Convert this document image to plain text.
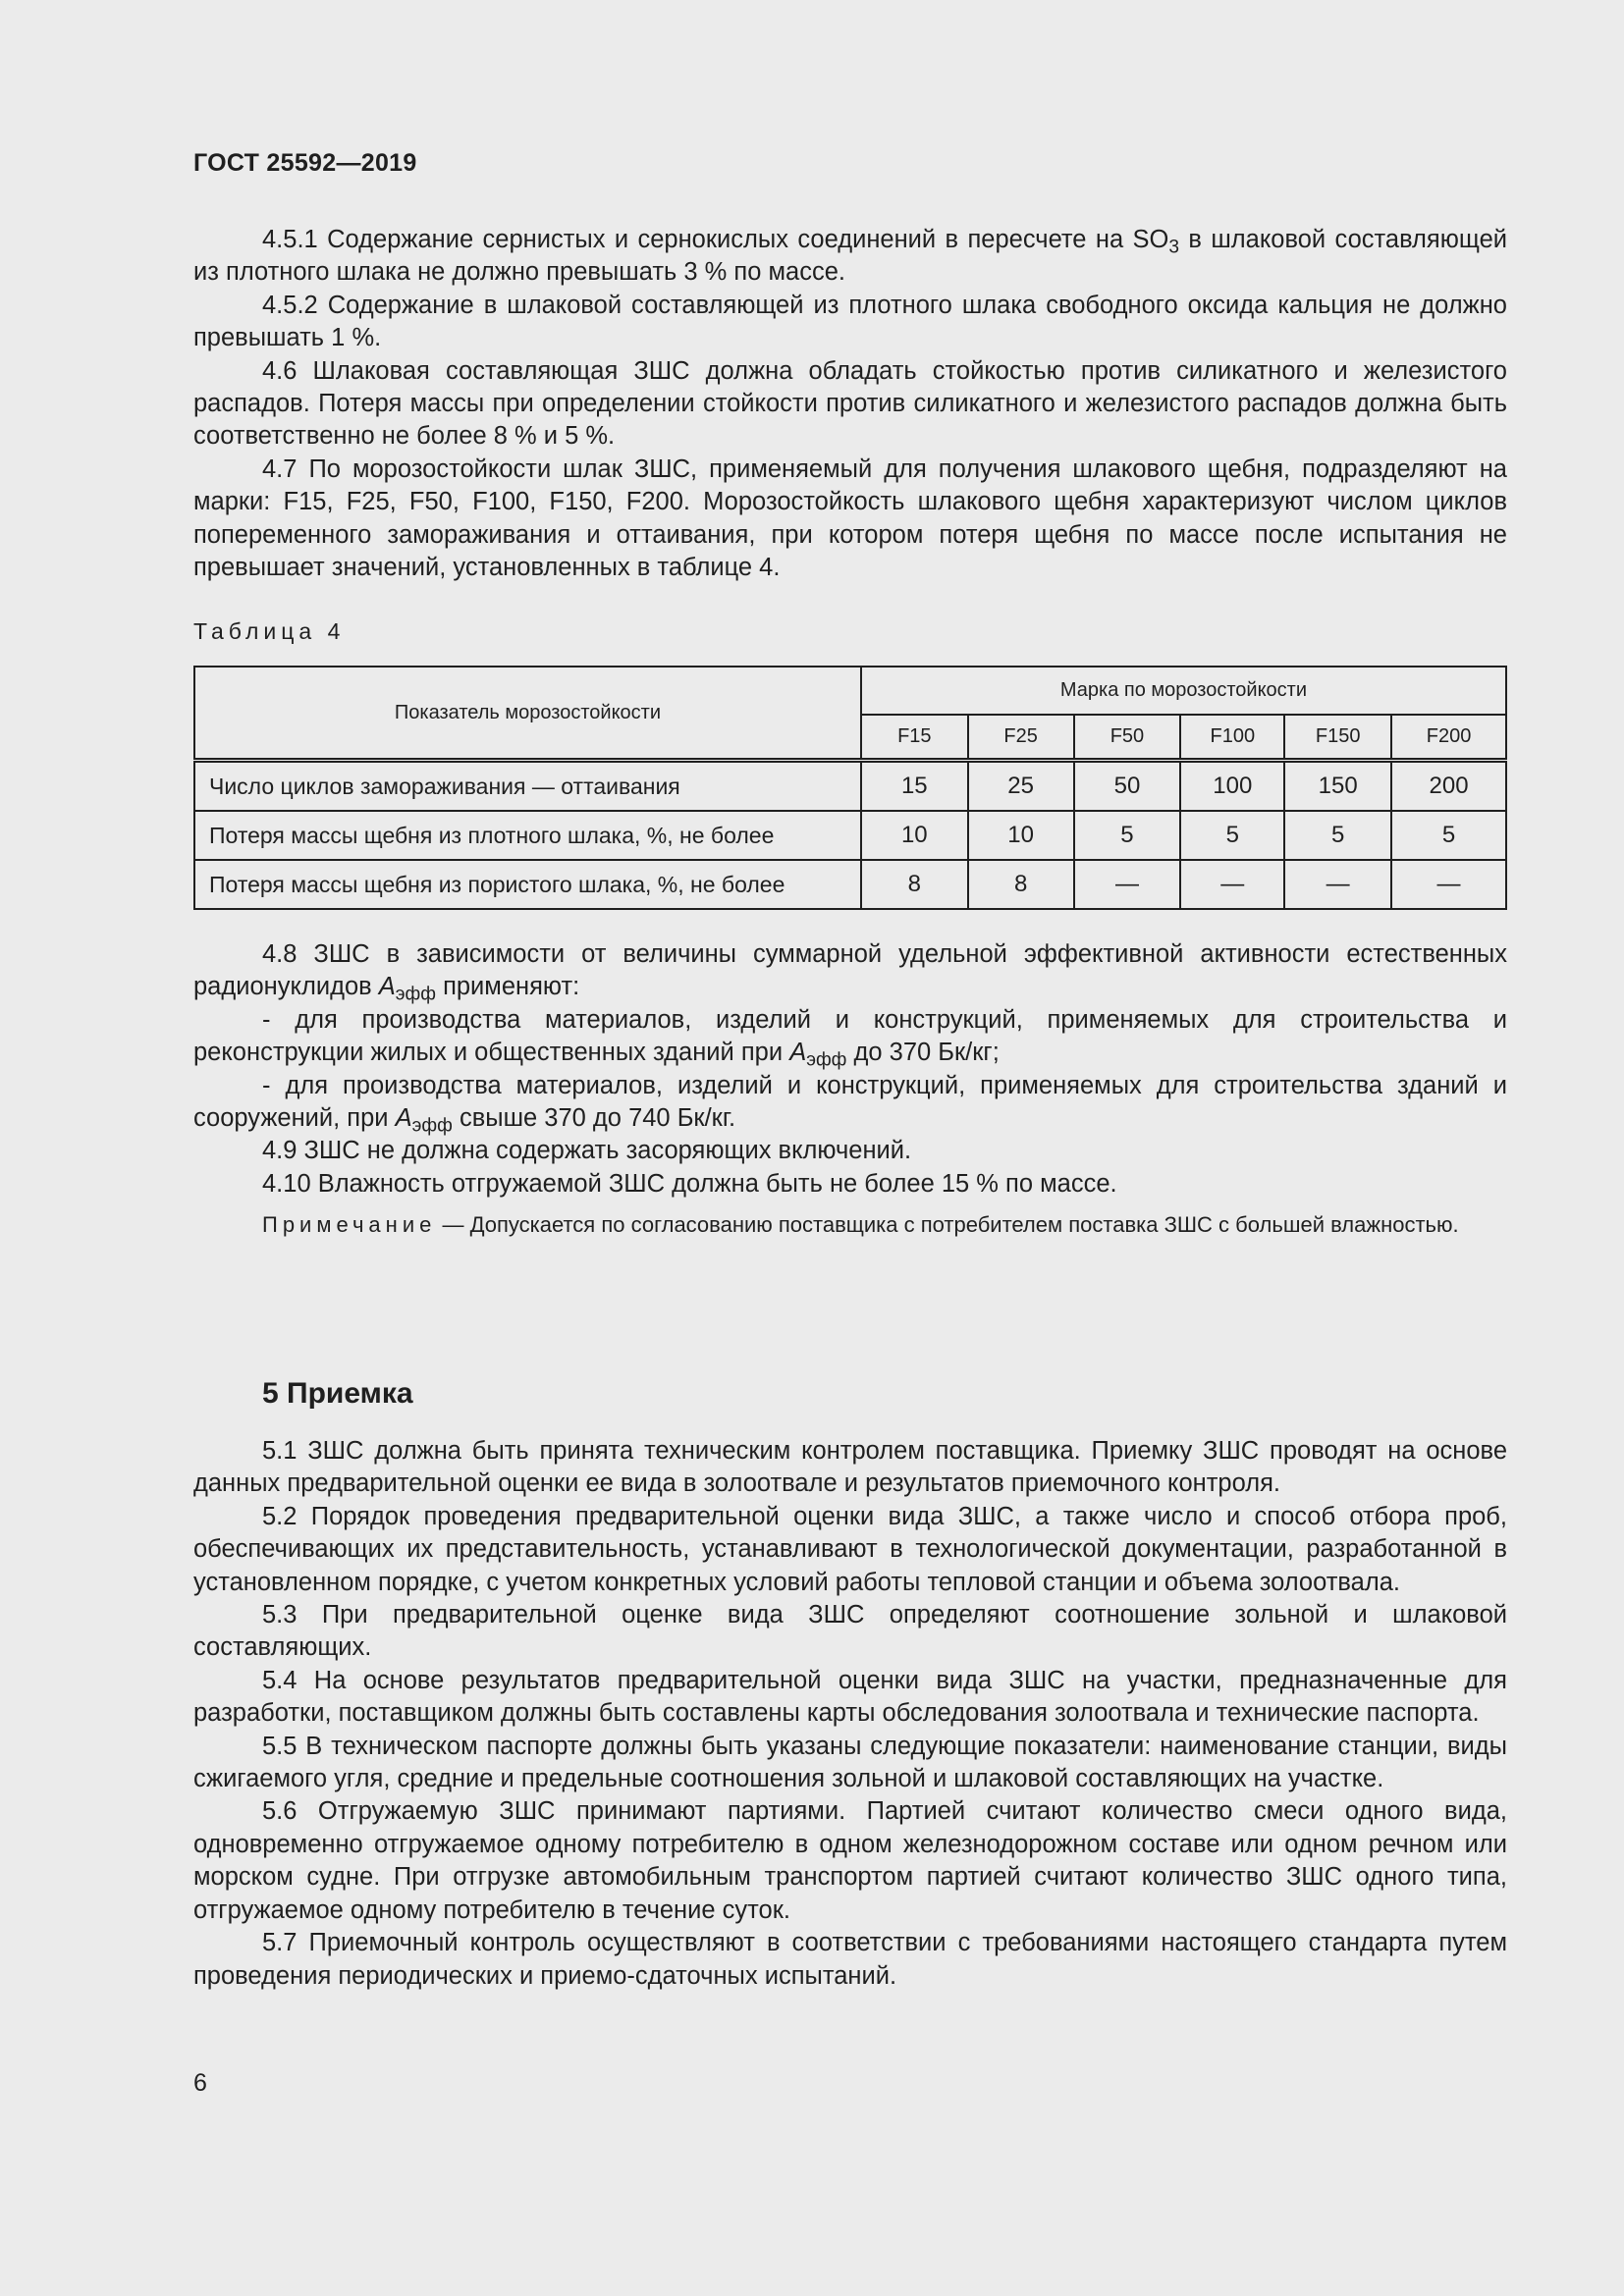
ГОСТ 25592—2019

4.5.1 Содержание сернистых и сернокислых соединений в пересчете на $SO_3$ в шлаковой составляющей из плотного шлака не должно превышать 3 % по массе.

4.5.2 Содержание в шлаковой составляющей из плотного шлака свободного оксида кальция не должно превышать 1 %.

4.6 Шлаковая составляющая ЗШС должна обладать стойкостью против силикатного и железистого распадов. Потеря массы при определении стойкости против силикатного и железистого распадов должна быть соответственно не более 8 % и 5 %.

4.7 По морозостойкости шлак ЗШС, применяемый для получения шлакового щебня, подразделяют на марки: F15, F25, F50, F100, F150, F200. Морозостойкость шлакового щебня характеризуют числом циклов попеременного замораживания и оттаивания, при котором потеря щебня по массе после испытания не превышает значений, установленных в таблице 4.

Таблица 4
Показатель морозостойкости	Марка по морозостойкости					
	F15	F25	F50	F100	F150	F200
Число циклов замораживания — оттаивания	15	25	50	100	150	200
Потеря массы щебня из плотного шлака, %, не более	10	10	5	5	5	5
Потеря массы щебня из пористого шлака, %, не более	8	8	—	—	—	—

4.8 ЗШС в зависимости от величины суммарной удельной эффективной активности естественных радионуклидов $A_{эфф}$ применяют:

- для производства материалов, изделий и конструкций, применяемых для строительства и реконструкции жилых и общественных зданий при $A_{эфф}$ до 370 Бк/кг;

- для производства материалов, изделий и конструкций, применяемых для строительства зданий и сооружений, при $A_{эфф}$ свыше 370 до 740 Бк/кг.

4.9 ЗШС не должна содержать засоряющих включений.

4.10 Влажность отгружаемой ЗШС должна быть не более 15 % по массе.

Примечание — Допускается по согласованию поставщика с потребителем поставка ЗШС с большей влажностью.
5 Приемка

5.1 ЗШС должна быть принята техническим контролем поставщика. Приемку ЗШС проводят на основе данных предварительной оценки ее вида в золоотвале и результатов приемочного контроля.

5.2 Порядок проведения предварительной оценки вида ЗШС, а также число и способ отбора проб, обеспечивающих их представительность, устанавливают в технологической документации, разработанной в установленном порядке, с учетом конкретных условий работы тепловой станции и объема золоотвала.

5.3 При предварительной оценке вида ЗШС определяют соотношение зольной и шлаковой составляющих.

5.4 На основе результатов предварительной оценки вида ЗШС на участки, предназначенные для разработки, поставщиком должны быть составлены карты обследования золоотвала и технические паспорта.

5.5 В техническом паспорте должны быть указаны следующие показатели: наименование станции, виды сжигаемого угля, средние и предельные соотношения зольной и шлаковой составляющих на участке.

5.6 Отгружаемую ЗШС принимают партиями. Партией считают количество смеси одного вида, одновременно отгружаемое одному потребителю в одном железнодорожном составе или одном речном или морском судне. При отгрузке автомобильным транспортом партией считают количество ЗШС одного типа, отгружаемое одному потребителю в течение суток.

5.7 Приемочный контроль осуществляют в соответствии с требованиями настоящего стандарта путем проведения периодических и приемо-сдаточных испытаний.

6
